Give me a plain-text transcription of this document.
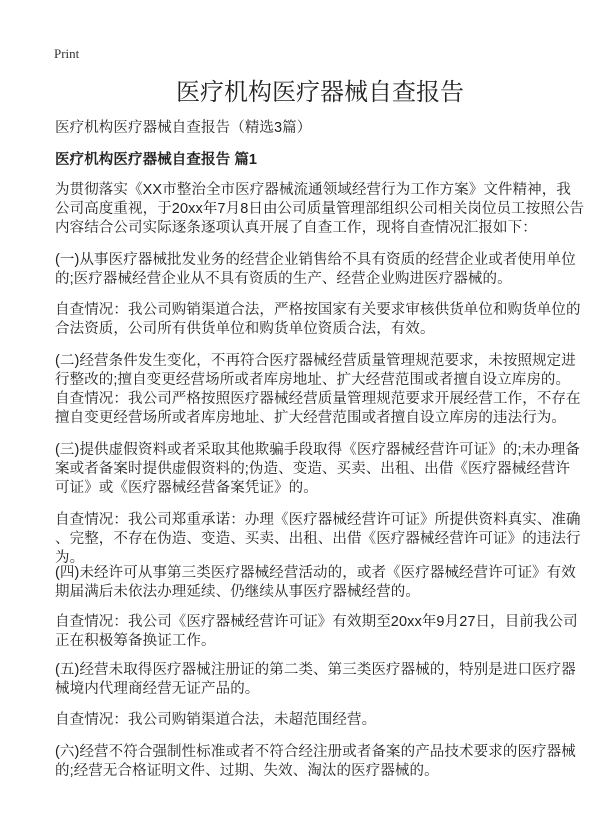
Print
医疗机构医疗器械自查报告
医疗机构医疗器械自查报告（精选3篇）
医疗机构医疗器械自查报告 篇1
为贯彻落实《XX市整治全市医疗器械流通领域经营行为工作方案》文件精神，我
公司高度重视，于20xx年7月8日由公司质量管理部组织公司相关岗位员工按照公告
内容结合公司实际逐条逐项认真开展了自查工作，现将自查情况汇报如下：
(一)从事医疗器械批发业务的经营企业销售给不具有资质的经营企业或者使用单位
的;医疗器械经营企业从不具有资质的生产、经营企业购进医疗器械的。
自查情况：我公司购销渠道合法，严格按国家有关要求审核供货单位和购货单位的
合法资质，公司所有供货单位和购货单位资质合法，有效。
(二)经营条件发生变化，不再符合医疗器械经营质量管理规范要求，未按照规定进
行整改的;擅自变更经营场所或者库房地址、扩大经营范围或者擅自设立库房的。
自查情况：我公司严格按照医疗器械经营质量管理规范要求开展经营工作，不存在
擅自变更经营场所或者库房地址、扩大经营范围或者擅自设立库房的违法行为。
(三)提供虚假资料或者采取其他欺骗手段取得《医疗器械经营许可证》的;未办理备
案或者备案时提供虚假资料的;伪造、变造、买卖、出租、出借《医疗器械经营许
可证》或《医疗器械经营备案凭证》的。
自查情况：我公司郑重承诺：办理《医疗器械经营许可证》所提供资料真实、准确
、完整，不存在伪造、变造、买卖、出租、出借《医疗器械经营许可证》的违法行
为。
(四)未经许可从事第三类医疗器械经营活动的，或者《医疗器械经营许可证》有效
期届满后未依法办理延续、仍继续从事医疗器械经营的。
自查情况：我公司《医疗器械经营许可证》有效期至20xx年9月27日，目前我公司
正在积极筹备换证工作。
(五)经营未取得医疗器械注册证的第二类、第三类医疗器械的，特别是进口医疗器
械境内代理商经营无证产品的。
自查情况：我公司购销渠道合法，未超范围经营。
(六)经营不符合强制性标准或者不符合经注册或者备案的产品技术要求的医疗器械
的;经营无合格证明文件、过期、失效、淘汰的医疗器械的。
